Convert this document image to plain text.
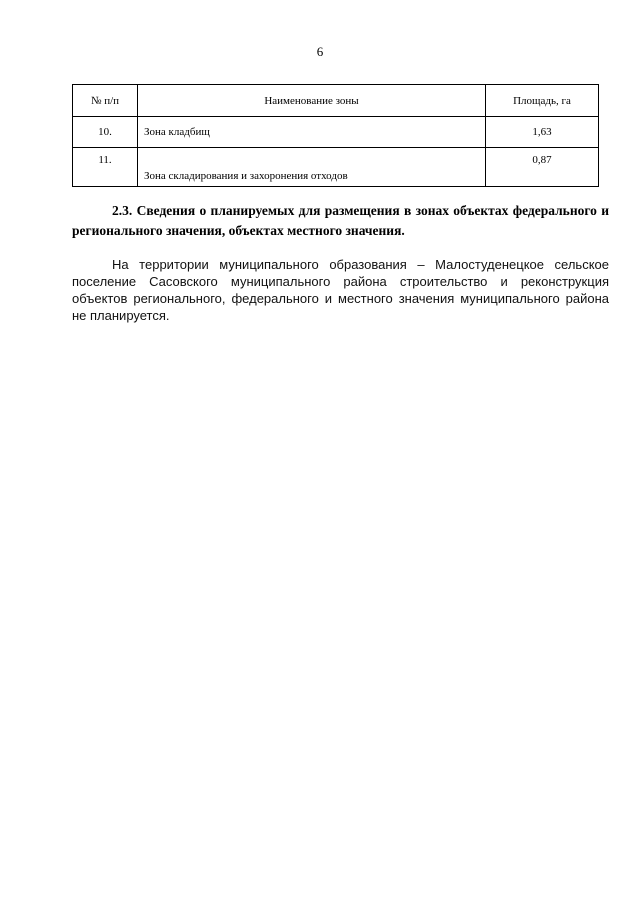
6
№ п/п	Наименование зоны	Площадь, га
10.	Зона кладбищ	1,63
11.	Зона складирования и захоронения отходов	0,87
2.3. Сведения о планируемых для размещения в зонах объектах федерального и регионального значения, объектах местного значения.
На территории муниципального образования – Малостуденецкое сельское поселение Сасовского муниципального района строительство и реконструкция объектов регионального, федерального и местного значения муниципального района не планируется.
